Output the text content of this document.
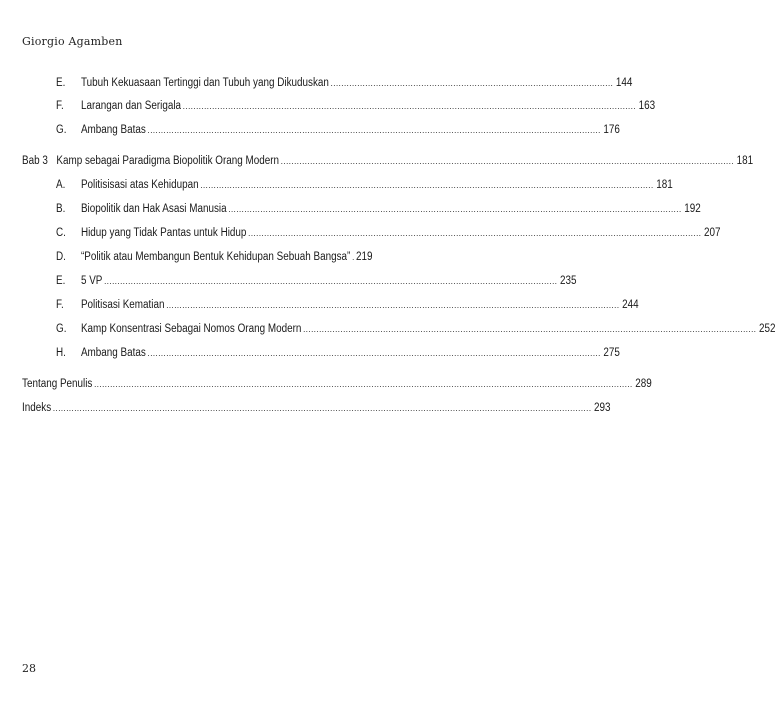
Giorgio Agamben
E. Tubuh Kekuasaan Tertinggi dan Tubuh yang Dikuduskan .......................................................................................................... 144
F. Larangan dan Serigala .......................................................................................................................................................................... 163
G. Ambang Batas .......................................................................................................................................................................... 176
Bab 3 Kamp sebagai Paradigma Biopolitik Orang Modern .......................................................................................................................................................................... 181
A. Politisisasi atas Kehidupan .......................................................................................................................................................................... 181
B. Biopolitik dan Hak Asasi Manusia .......................................................................................................................................................................... 192
C. Hidup yang Tidak Pantas untuk Hidup .......................................................................................................................................................................... 207
D. “Politik atau Membangun Bentuk Kehidupan Sebuah Bangsa” 219
E. 5 VP .......................................................................................................................................................................... 235
F. Politisasi Kematian .......................................................................................................................................................................... 244
G. Kamp Konsentrasi Sebagai Nomos Orang Modern .......................................................................................................................................................................... 252
H. Ambang Batas .......................................................................................................................................................................... 275
Tentang Penulis .......................................................................................................................................................................................................... 289
Indeks .......................................................................................................................................................................................................... 293
28
